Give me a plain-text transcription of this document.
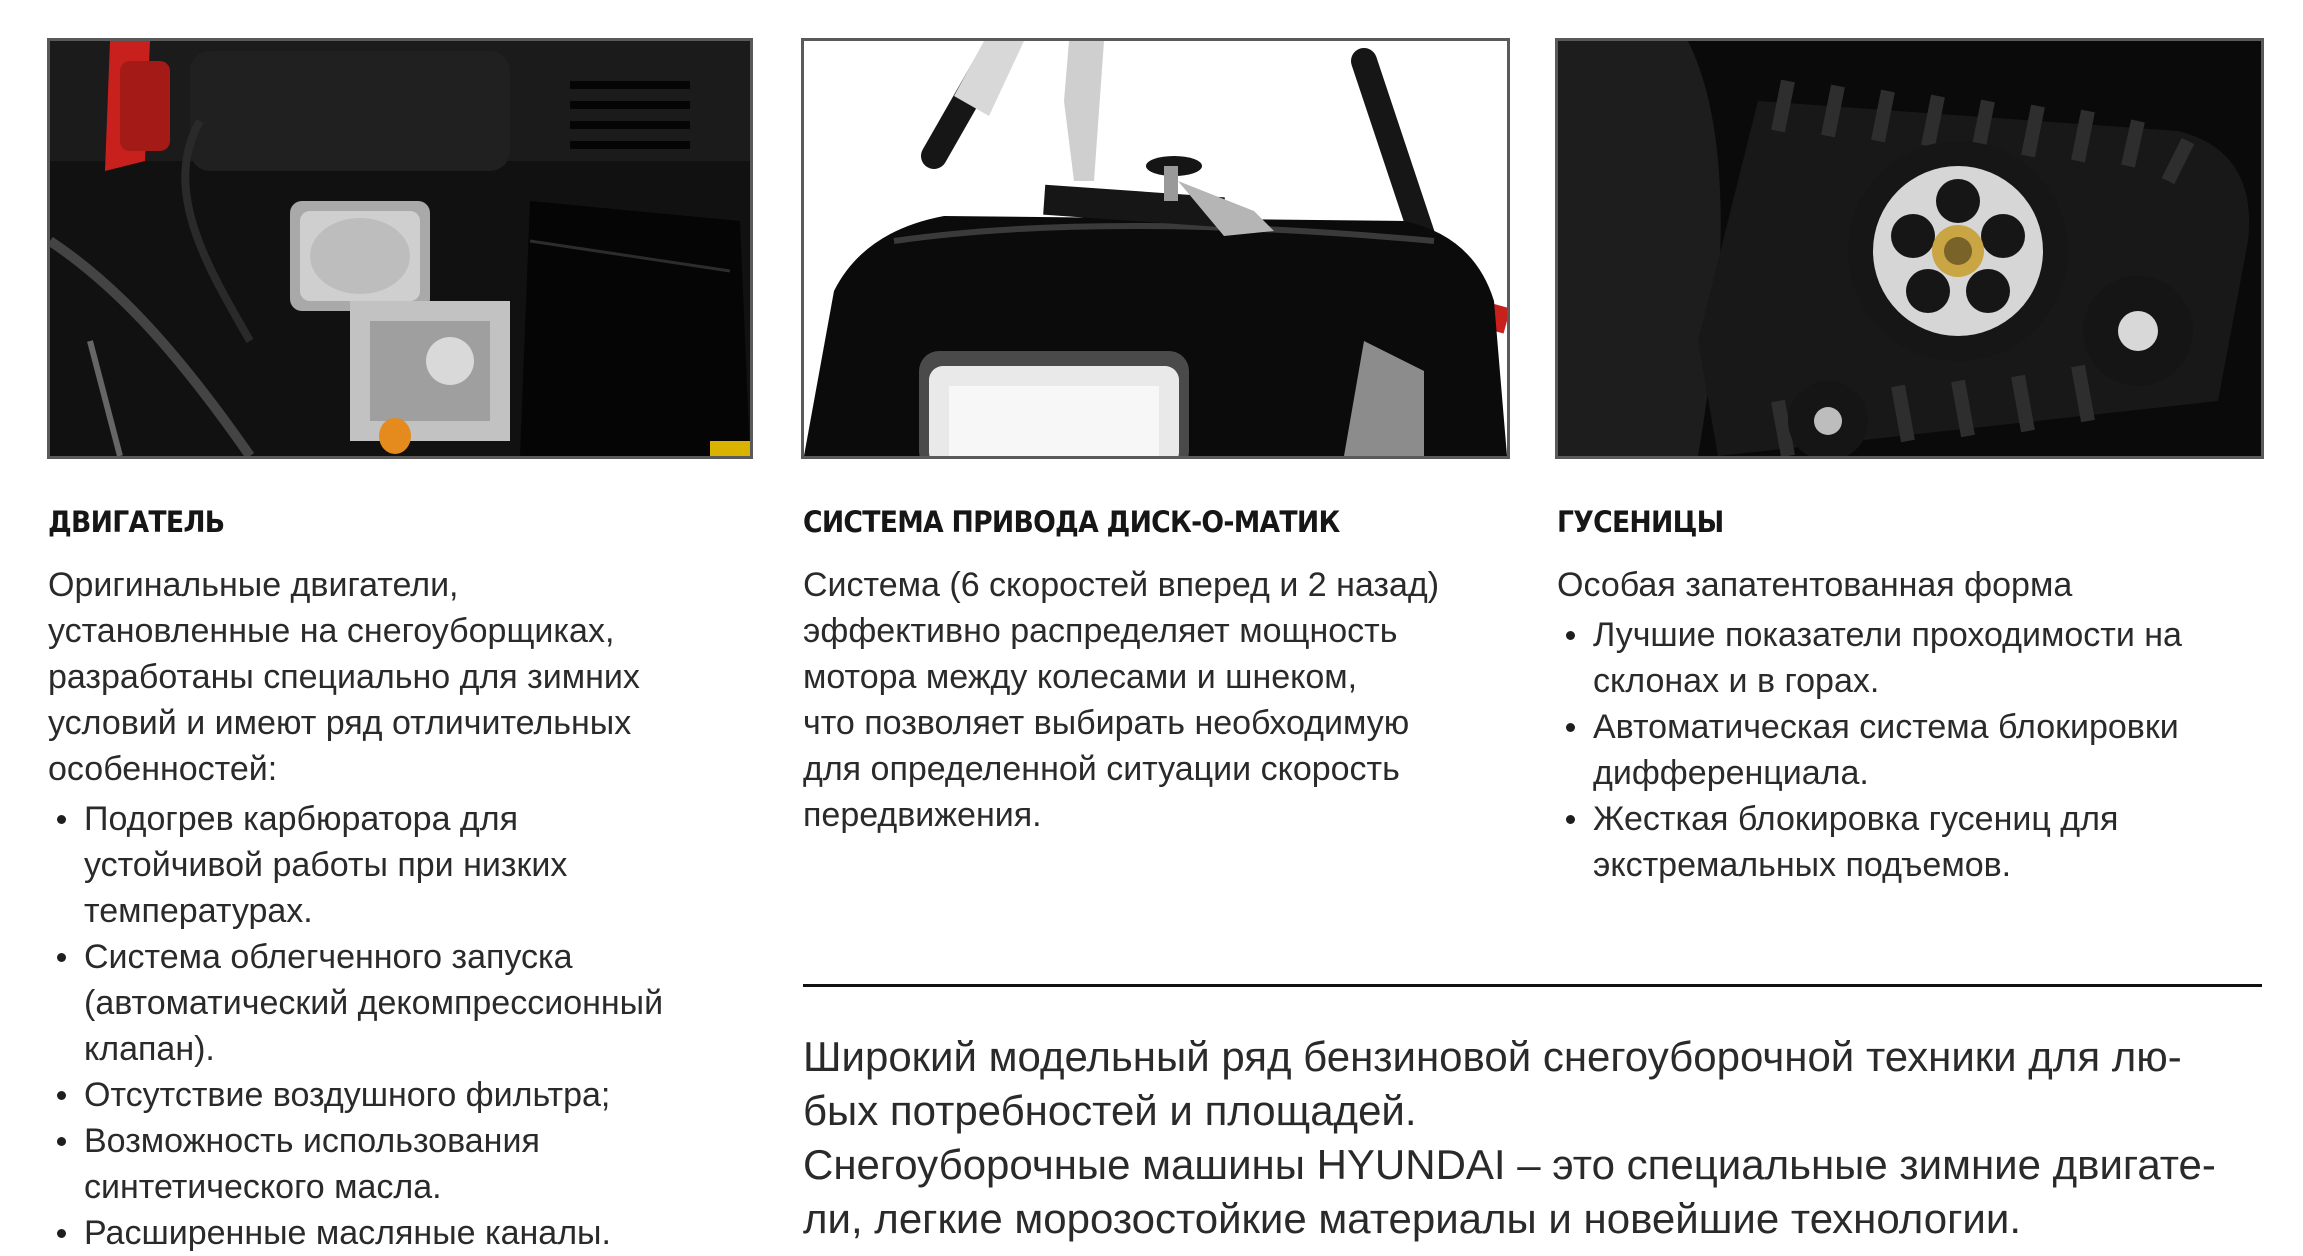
ДВИГАТЕЛЬ

Оригинальные двигатели,
установленные на снегоуборщиках,
разработаны специально для зимних
условий и имеют ряд отличительных
особенностей:

Подогрев карбюратора для
устойчивой работы при низких
температурах.
Система облегченного запуска
(автоматический декомпрессионный
клапан).
Отсутствие воздушного фильтра;
Возможность использования
синтетического масла.
Расширенные масляные каналы.
СИСТЕМА ПРИВОДА ДИСК-О-МАТИК

Система (6 скоростей вперед и 2 назад)
эффективно распределяет мощность
мотора между колесами и шнеком,
что позволяет выбирать необходимую
для определенной ситуации скорость
передвижения.

ГУСЕНИЦЫ

Особая запатентованная форма

Лучшие показатели проходимости на
склонах и в горах.
Автоматическая система блокировки
дифференциала.
Жесткая блокировка гусениц для
экстремальных подъемов.

Широкий модельный ряд бензиновой снегоуборочной техники для лю-
бых потребностей и площадей.
Снегоуборочные машины HYUNDAI – это специальные зимние двигате-
ли, легкие морозостойкие материалы и новейшие технологии.
